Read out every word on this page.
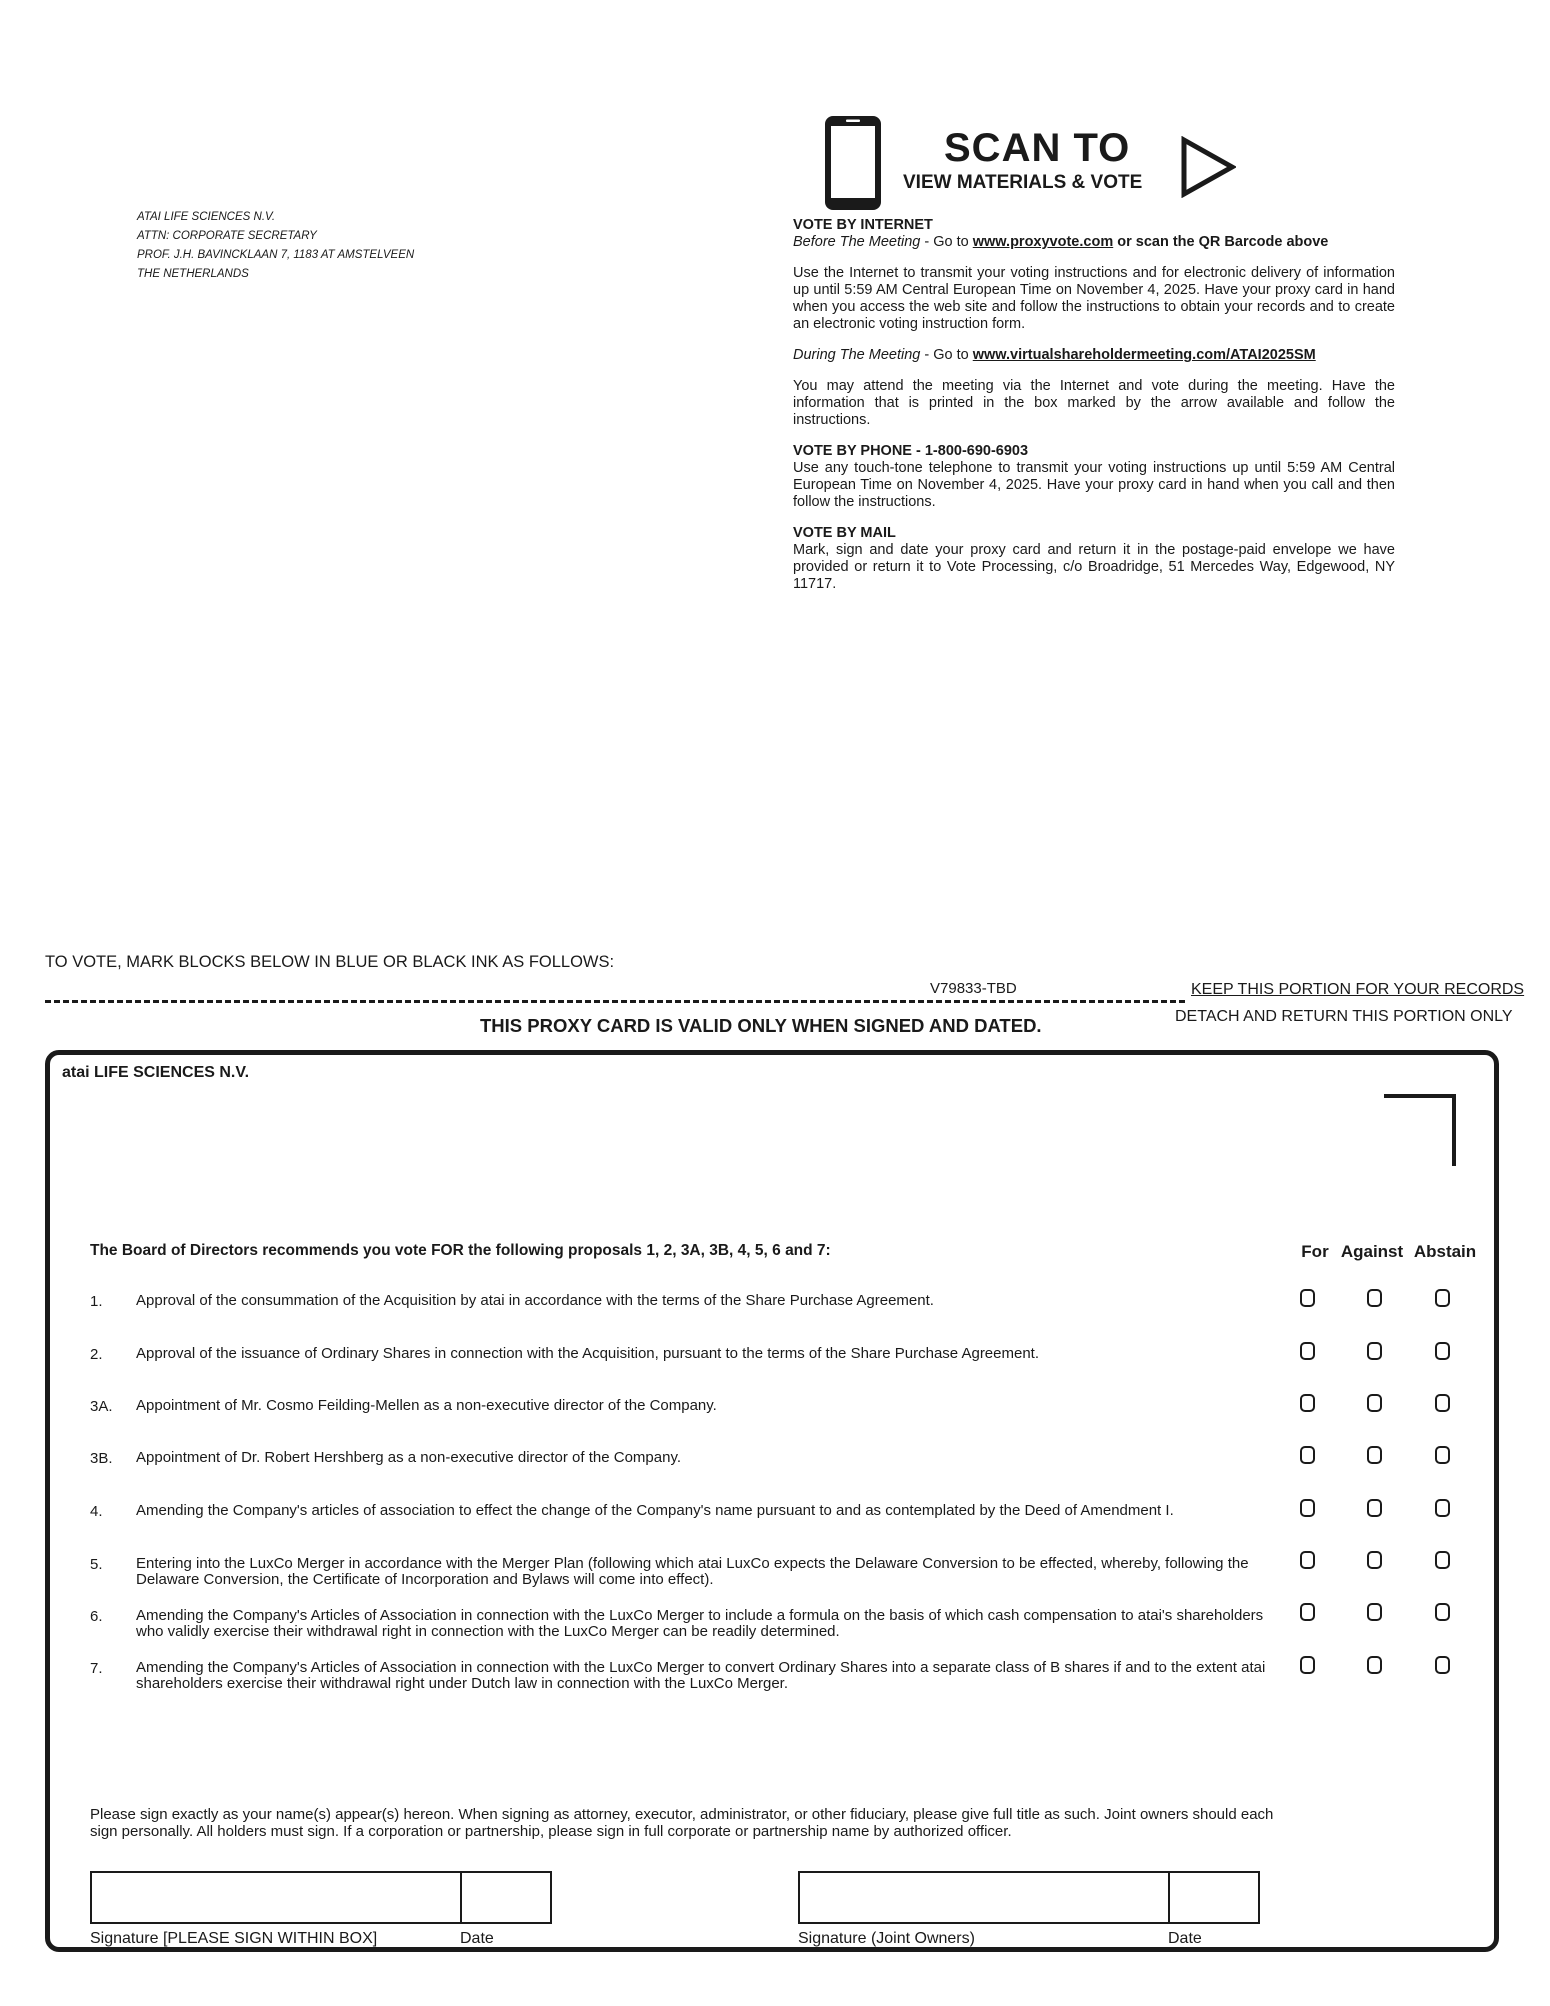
ATAI LIFE SCIENCES N.V.
ATTN: CORPORATE SECRETARY
PROF. J.H. BAVINCKLAAN 7, 1183 AT AMSTELVEEN
THE NETHERLANDS
SCAN TO
VIEW MATERIALS & VOTE

VOTE BY INTERNET

Before The Meeting - Go to www.proxyvote.com or scan the QR Barcode above

Use the Internet to transmit your voting instructions and for electronic delivery of information up until 5:59 AM Central European Time on November 4, 2025. Have your proxy card in hand when you access the web site and follow the instructions to obtain your records and to create an electronic voting instruction form.

During The Meeting - Go to www.virtualshareholdermeeting.com/ATAI2025SM

You may attend the meeting via the Internet and vote during the meeting. Have the information that is printed in the box marked by the arrow available and follow the instructions.

VOTE BY PHONE - 1-800-690-6903

Use any touch-tone telephone to transmit your voting instructions up until 5:59 AM Central European Time on November 4, 2025. Have your proxy card in hand when you call and then follow the instructions.

VOTE BY MAIL

Mark, sign and date your proxy card and return it in the postage-paid envelope we have provided or return it to Vote Processing, c/o Broadridge, 51 Mercedes Way, Edgewood, NY 11717.

TO VOTE, MARK BLOCKS BELOW IN BLUE OR BLACK INK AS FOLLOWS:
V79833-TBD	KEEP THIS PORTION FOR YOUR RECORDS
DETACH AND RETURN THIS PORTION ONLY
THIS PROXY CARD IS VALID ONLY WHEN SIGNED AND DATED.
atai LIFE SCIENCES N.V.
The Board of Directors recommends you vote FOR the following proposals 1, 2, 3A, 3B, 4, 5, 6 and 7:	For Against Abstain
1. Approval of the consummation of the Acquisition by atai in accordance with the terms of the Share Purchase Agreement.
2. Approval of the issuance of Ordinary Shares in connection with the Acquisition, pursuant to the terms of the Share Purchase Agreement.
3A. Appointment of Mr. Cosmo Feilding-Mellen as a non-executive director of the Company.
3B. Appointment of Dr. Robert Hershberg as a non-executive director of the Company.
4. Amending the Company's articles of association to effect the change of the Company's name pursuant to and as contemplated by the Deed of Amendment I.
5. Entering into the LuxCo Merger in accordance with the Merger Plan (following which atai LuxCo expects the Delaware Conversion to be effected, whereby, following the Delaware Conversion, the Certificate of Incorporation and Bylaws will come into effect).
6. Amending the Company's Articles of Association in connection with the LuxCo Merger to include a formula on the basis of which cash compensation to atai's shareholders who validly exercise their withdrawal right in connection with the LuxCo Merger can be readily determined.
7. Amending the Company's Articles of Association in connection with the LuxCo Merger to convert Ordinary Shares into a separate class of B shares if and to the extent atai shareholders exercise their withdrawal right under Dutch law in connection with the LuxCo Merger.
Please sign exactly as your name(s) appear(s) hereon. When signing as attorney, executor, administrator, or other fiduciary, please give full title as such. Joint owners should each sign personally. All holders must sign. If a corporation or partnership, please sign in full corporate or partnership name by authorized officer.
Signature [PLEASE SIGN WITHIN BOX]	Date	Signature (Joint Owners)	Date
